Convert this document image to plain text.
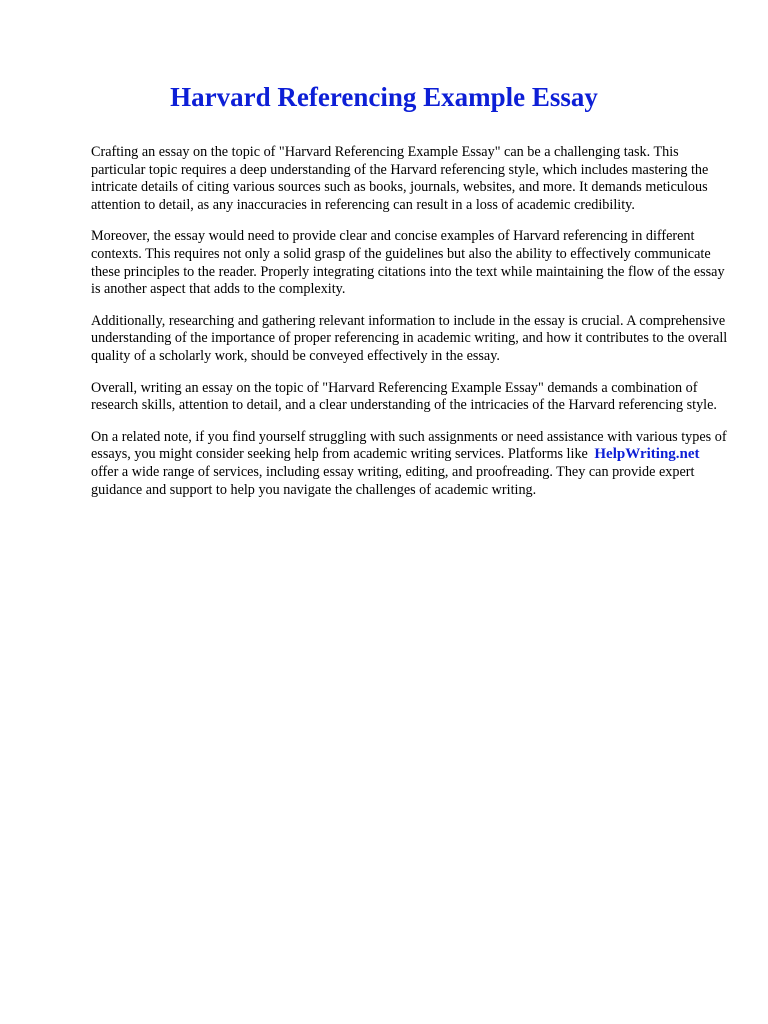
Harvard Referencing Example Essay

Crafting an essay on the topic of "Harvard Referencing Example Essay" can be a challenging task. This particular topic requires a deep understanding of the Harvard referencing style, which includes mastering the intricate details of citing various sources such as books, journals, websites, and more. It demands meticulous attention to detail, as any inaccuracies in referencing can result in a loss of academic credibility.

Moreover, the essay would need to provide clear and concise examples of Harvard referencing in different contexts. This requires not only a solid grasp of the guidelines but also the ability to effectively communicate these principles to the reader. Properly integrating citations into the text while maintaining the flow of the essay is another aspect that adds to the complexity.

Additionally, researching and gathering relevant information to include in the essay is crucial. A comprehensive understanding of the importance of proper referencing in academic writing, and how it contributes to the overall quality of a scholarly work, should be conveyed effectively in the essay.

Overall, writing an essay on the topic of "Harvard Referencing Example Essay" demands a combination of research skills, attention to detail, and a clear understanding of the intricacies of the Harvard referencing style.

On a related note, if you find yourself struggling with such assignments or need assistance with various types of essays, you might consider seeking help from academic writing services. Platforms like HelpWriting.net offer a wide range of services, including essay writing, editing, and proofreading. They can provide expert guidance and support to help you navigate the challenges of academic writing.
